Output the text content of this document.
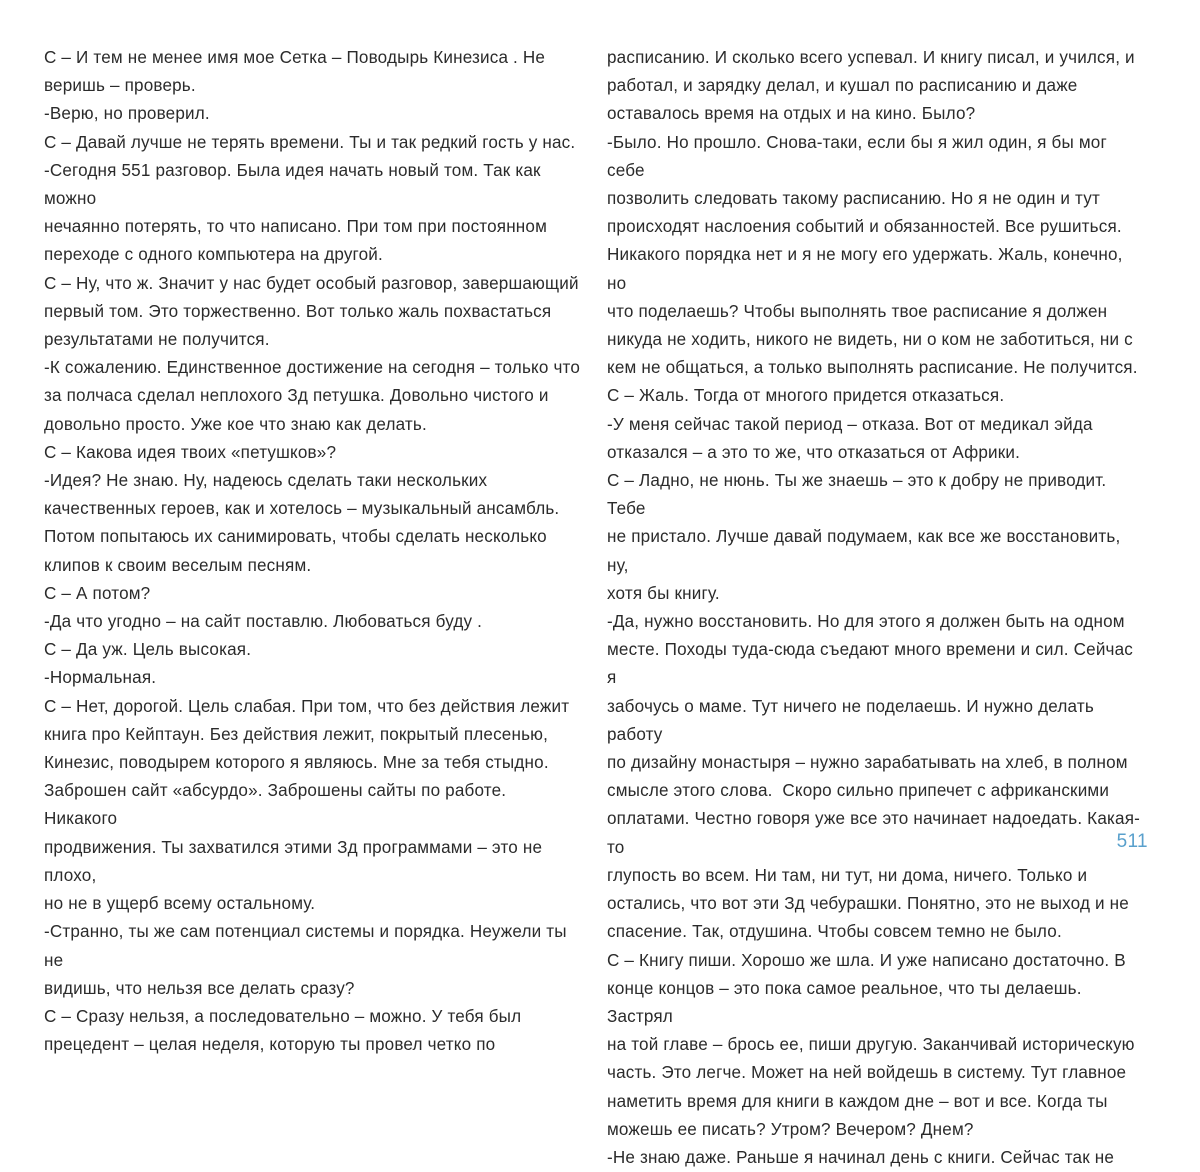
С – И тем не менее имя мое Сетка – Поводырь Кинезиса . Не
веришь – проверь.
-Верю, но проверил.
С – Давай лучше не терять времени. Ты и так редкий гость у нас.
-Сегодня 551 разговор. Была идея начать новый том. Так как можно
нечаянно потерять, то что написано. При том при постоянном
переходе с одного компьютера на другой.
С – Ну, что ж. Значит у нас будет особый разговор, завершающий
первый том. Это торжественно. Вот только жаль похвастаться
результатами не получится.
-К сожалению. Единственное достижение на сегодня – только что
за полчаса сделал неплохого Зд петушка. Довольно чистого и
довольно просто. Уже кое что знаю как делать.
С – Какова идея твоих «петушков»?
-Идея? Не знаю. Ну, надеюсь сделать таки нескольких
качественных героев, как и хотелось – музыкальный ансамбль.
Потом попытаюсь их санимировать, чтобы сделать несколько
клипов к своим веселым песням.
С – А потом?
-Да что угодно – на сайт поставлю. Любоваться буду .
С – Да уж. Цель высокая.
-Нормальная.
С – Нет, дорогой. Цель слабая. При том, что без действия лежит
книга про Кейптаун. Без действия лежит, покрытый плесенью,
Кинезис, поводырем которого я являюсь. Мне за тебя стыдно.
Заброшен сайт «абсурдо». Заброшены сайты по работе. Никакого
продвижения. Ты захватился этими Зд программами – это не плохо,
но не в ущерб всему остальному.
-Странно, ты же сам потенциал системы и порядка. Неужели ты не
видишь, что нельзя все делать сразу?
С – Сразу нельзя, а последовательно – можно. У тебя был
прецедент – целая неделя, которую ты провел четко по
расписанию. И сколько всего успевал. И книгу писал, и учился, и
работал, и зарядку делал, и кушал по расписанию и даже
оставалось время на отдых и на кино. Было?
-Было. Но прошло. Снова-таки, если бы я жил один, я бы мог себе
позволить следовать такому расписанию. Но я не один и тут
происходят наслоения событий и обязанностей. Все рушиться.
Никакого порядка нет и я не могу его удержать. Жаль, конечно, но
что поделаешь? Чтобы выполнять твое расписание я должен
никуда не ходить, никого не видеть, ни о ком не заботиться, ни с
кем не общаться, а только выполнять расписание. Не получится.
С – Жаль. Тогда от многого придется отказаться.
-У меня сейчас такой период – отказа. Вот от медикал эйда
отказался – а это то же, что отказаться от Африки.
С – Ладно, не нюнь. Ты же знаешь – это к добру не приводит. Тебе
не пристало. Лучше давай подумаем, как все же восстановить, ну,
хотя бы книгу.
-Да, нужно восстановить. Но для этого я должен быть на одном
месте. Походы туда-сюда съедают много времени и сил. Сейчас я
забочусь о маме. Тут ничего не поделаешь. И нужно делать работу
по дизайну монастыря – нужно зарабатывать на хлеб, в полном
смысле этого слова.  Скоро сильно припечет с африканскими
оплатами. Честно говоря уже все это начинает надоедать. Какая-то
глупость во всем. Ни там, ни тут, ни дома, ничего. Только и
остались, что вот эти Зд чебурашки. Понятно, это не выход и не
спасение. Так, отдушина. Чтобы совсем темно не было.
С – Книгу пиши. Хорошо же шла. И уже написано достаточно. В
конце концов – это пока самое реальное, что ты делаешь. Застрял
на той главе – брось ее, пиши другую. Заканчивай историческую
часть. Это легче. Может на ней войдешь в систему. Тут главное
наметить время для книги в каждом дне – вот и все. Когда ты
можешь ее писать? Утром? Вечером? Днем?
-Не знаю даже. Раньше я начинал день с книги. Сейчас так не
511
